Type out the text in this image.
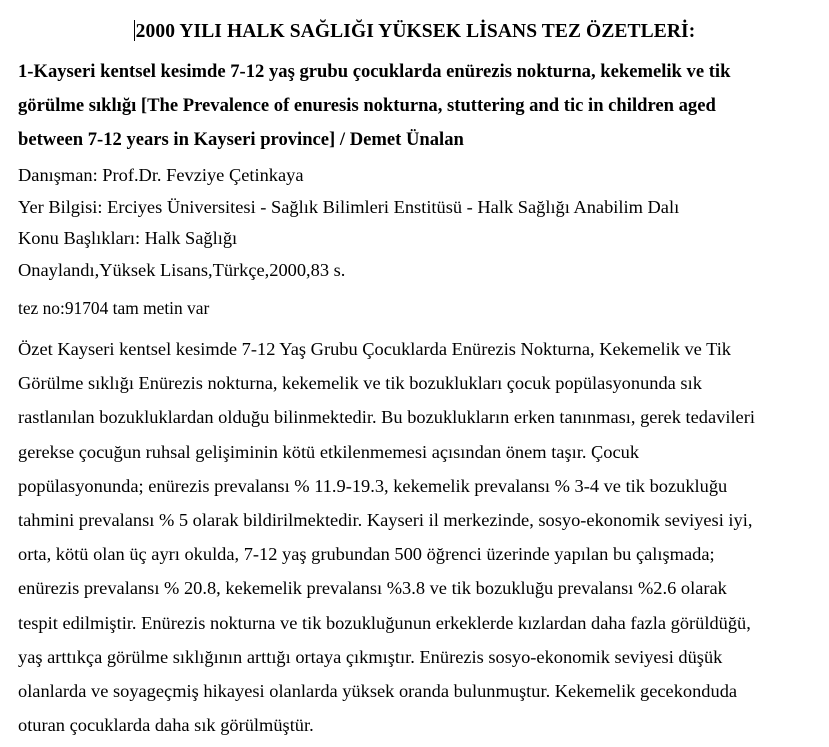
2000 YILI HALK SAĞLIĞI YÜKSEK LİSANS TEZ ÖZETLERİ:
1-Kayseri kentsel kesimde 7-12 yaş grubu çocuklarda enürezis nokturna, kekemelik ve tik
görülme sıklığı [The Prevalence of enuresis nokturna, stuttering and tic in children aged
between 7-12 years in Kayseri province] / Demet Ünalan
Danışman: Prof.Dr. Fevziye Çetinkaya
Yer Bilgisi: Erciyes Üniversitesi - Sağlık Bilimleri Enstitüsü - Halk Sağlığı Anabilim Dalı
Konu Başlıkları: Halk Sağlığı
Onaylandı,Yüksek Lisans,Türkçe,2000,83 s.
tez no:91704 tam metin var
Özet Kayseri kentsel kesimde 7-12 Yaş Grubu Çocuklarda Enürezis Nokturna, Kekemelik ve Tik
Görülme sıklığı Enürezis nokturna, kekemelik ve tik bozuklukları çocuk popülasyonunda sık
rastlanılan bozukluklardan olduğu bilinmektedir. Bu bozuklukların erken tanınması, gerek tedavileri
gerekse çocuğun ruhsal gelişiminin kötü etkilenmemesi açısından önem taşır. Çocuk
popülasyonunda; enürezis prevalansı % 11.9-19.3, kekemelik prevalansı % 3-4 ve tik bozukluğu
tahmini prevalansı % 5 olarak bildirilmektedir. Kayseri il merkezinde, sosyo-ekonomik seviyesi iyi,
orta, kötü olan üç ayrı okulda, 7-12 yaş grubundan 500 öğrenci üzerinde yapılan bu çalışmada;
enürezis prevalansı % 20.8, kekemelik prevalansı %3.8 ve tik bozukluğu prevalansı %2.6 olarak
tespit edilmiştir. Enürezis nokturna ve tik bozukluğunun erkeklerde kızlardan daha fazla görüldüğü,
yaş arttıkça görülme sıklığının arttığı ortaya çıkmıştır. Enürezis sosyo-ekonomik seviyesi düşük
olanlarda ve soyageçmiş hikayesi olanlarda yüksek oranda bulunmuştur. Kekemelik gecekonduda
oturan çocuklarda daha sık görülmüştür.
